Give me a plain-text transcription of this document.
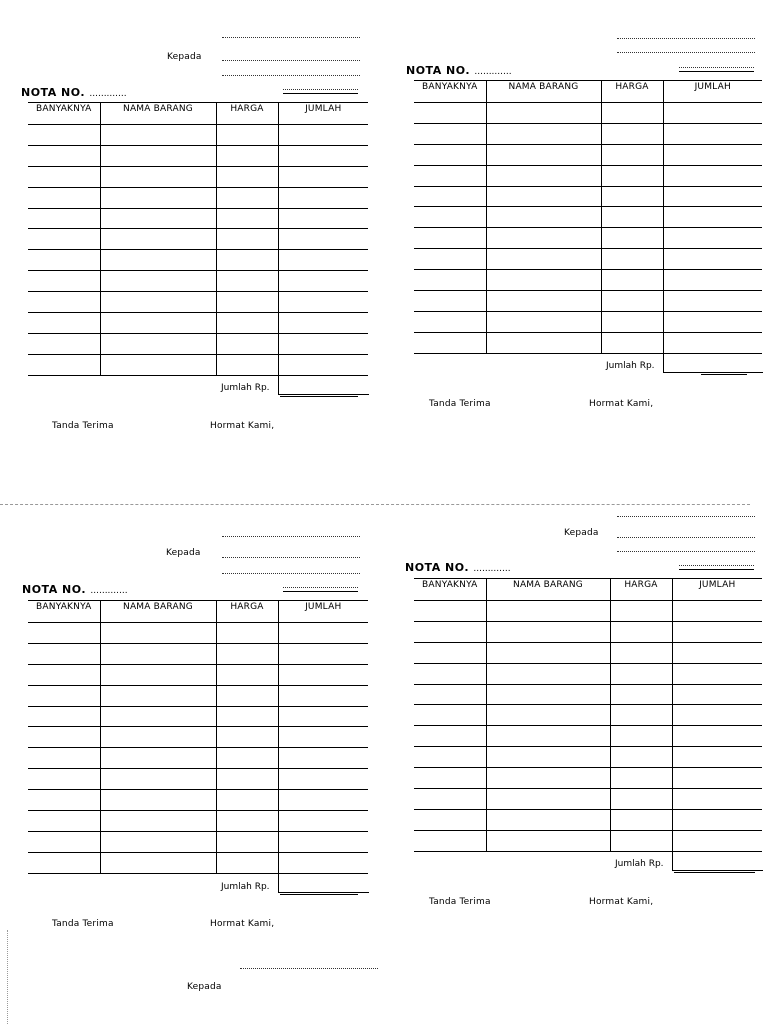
Kepada
NOTA NO. .............
BANYAKNYA	NAMA BARANG	HARGA	JUMLAH

Jumlah Rp.
Tanda Terima	Hormat Kami,
NOTA NO. .............
BANYAKNYA	NAMA BARANG	HARGA	JUMLAH

Jumlah Rp.
Tanda Terima	Hormat Kami,
Kepada
NOTA NO. .............
BANYAKNYA	NAMA BARANG	HARGA	JUMLAH

Jumlah Rp.
Tanda Terima	Hormat Kami,
Kepada
NOTA NO. .............
BANYAKNYA	NAMA BARANG	HARGA	JUMLAH

Jumlah Rp.
Tanda Terima	Hormat Kami,
Kepada
